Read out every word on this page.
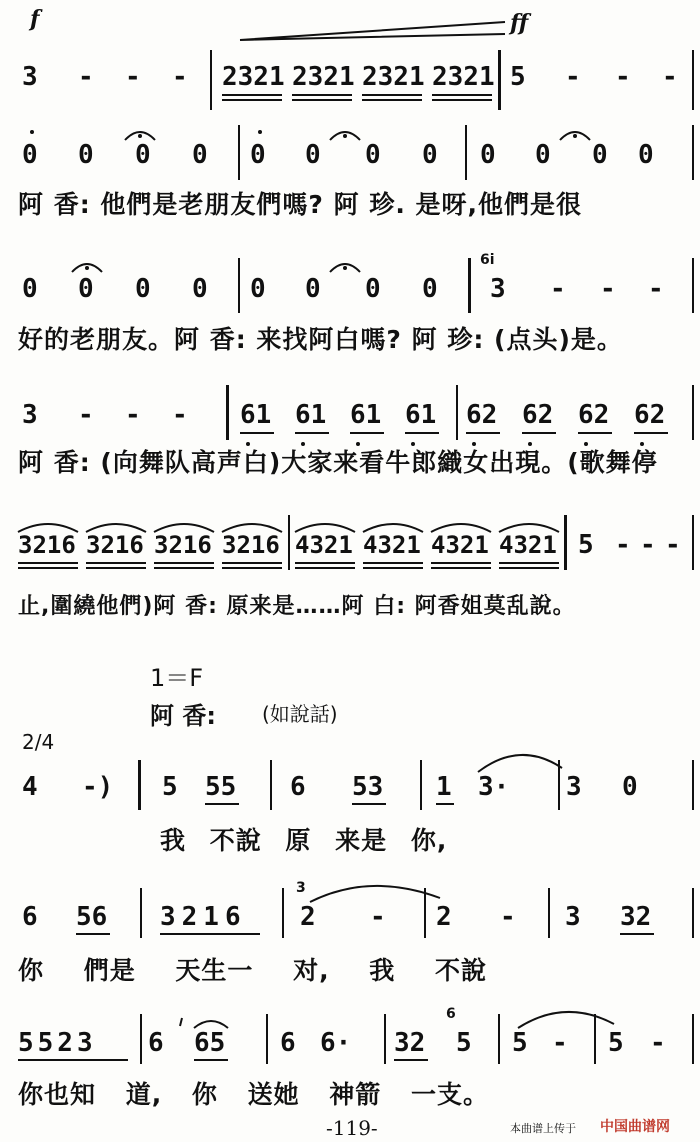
f	ff
3 - - - 2321 2321 2321 2321 5 - - -
0 0 0 0 0 0 0 0 0 0 0 0
阿 香: 他們是老朋友們嗎? 阿 珍. 是呀,他們是很
6i
0 0 0 0 0 0 0 0 3 - - -
好的老朋友。阿 香: 来找阿白嗎? 阿 珍: (点头)是。
3 - - - 61 61 61 61 62 62 62 62
阿 香: (向舞队高声白)大家来看牛郎織女出現。(歌舞停
3216 3216 3216 3216 4321 4321 4321 4321 5 - - -
止,圍繞他們)阿 香: 原来是……阿 白: 阿香姐莫乱說。
1＝F
阿 香: (如說話)
2/4
4 -) 5 55 6 53 1 3· 3 0
我 不說 原 来是 你,
3
6 56 3216 2 - 2 - 3 32
你 們是 天生一 对, 我 不說
6
5523 6 65 6 6· 32 5 5 - 5 -
你也知 道, 你 送她 神箭 一支。
-119-	本曲谱上传于 中国曲谱网
